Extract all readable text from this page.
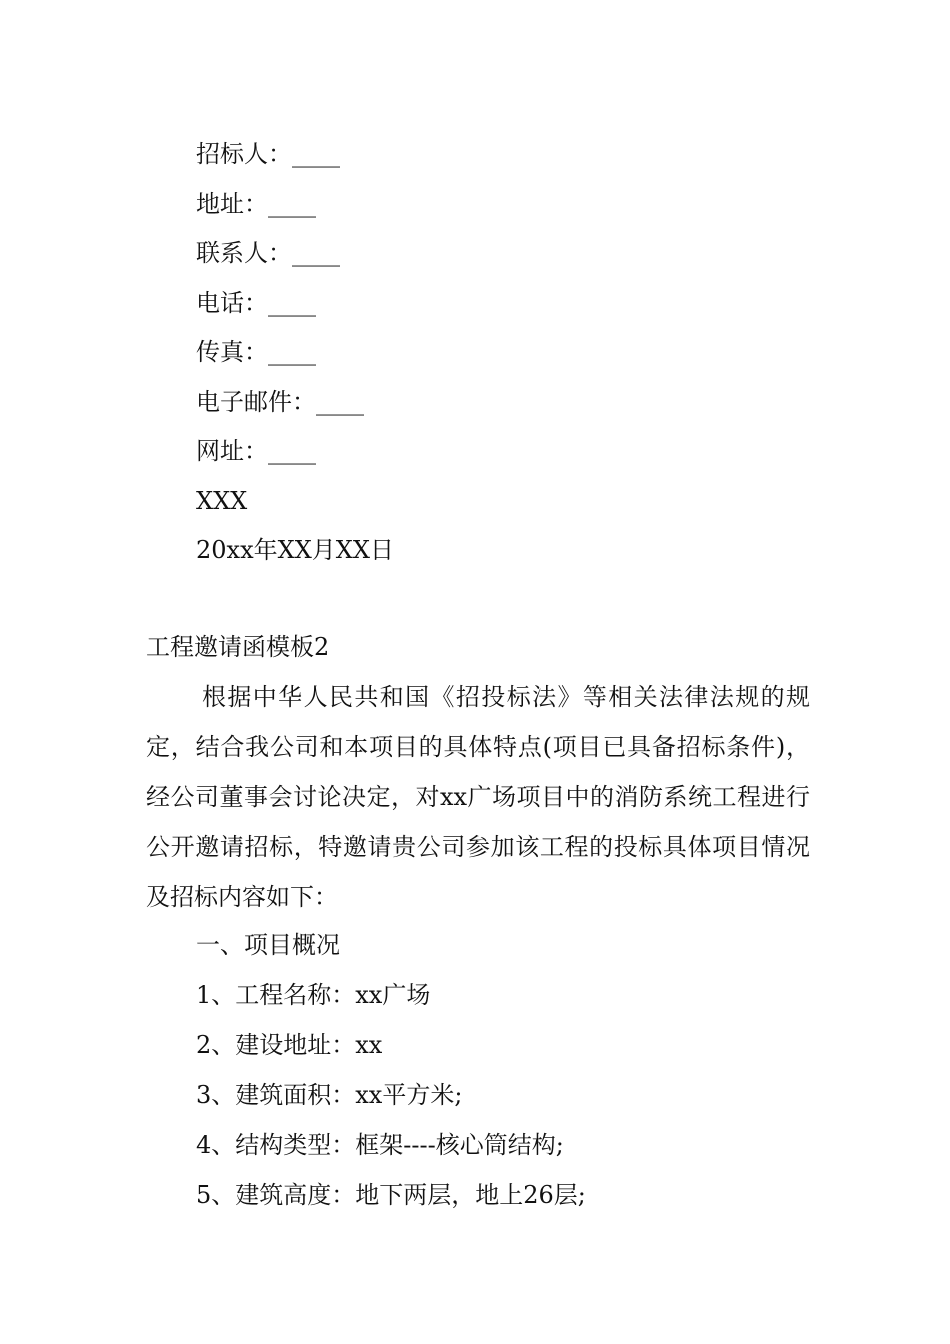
招标人：____
地址：____
联系人：____
电话：____
传真：____
电子邮件：____
网址：____
XXX
20xx年XX月XX日
工程邀请函模板2
根据中华人民共和国《招投标法》等相关法律法规的规定，结合我公司和本项目的具体特点(项目已具备招标条件)，经公司董事会讨论决定，对xx广场项目中的消防系统工程进行公开邀请招标，特邀请贵公司参加该工程的投标具体项目情况及招标内容如下：
一、项目概况
1、工程名称：xx广场
2、建设地址：xx
3、建筑面积：xx平方米;
4、结构类型：框架----核心筒结构;
5、建筑高度：地下两层，地上26层;
